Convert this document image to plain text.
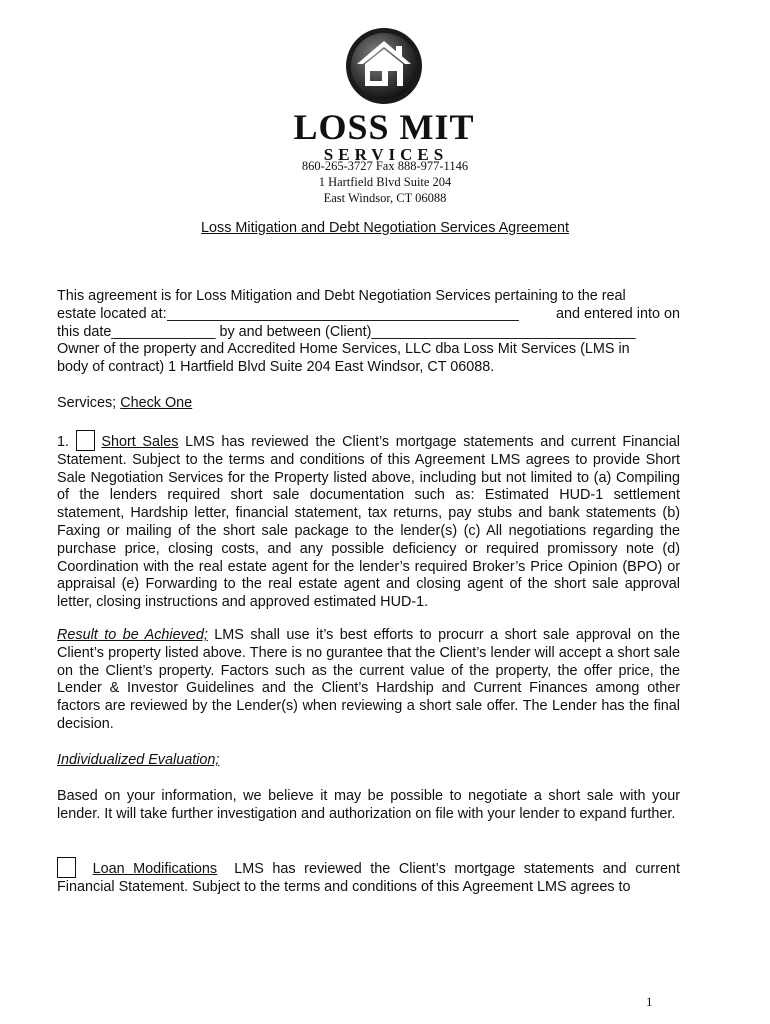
LOSS MIT
SERVICES
860-265-3727 Fax 888-977-1146
1 Hartfield Blvd Suite 204
East Windsor, CT 06088
Loss Mitigation and Debt Negotiation Services Agreement
This agreement is for Loss Mitigation and Debt Negotiation Services pertaining to the real
estate located at: ____________________________________________	and entered into on
this date_____________ by and between (Client)_________________________________
Owner of the property and Accredited Home Services, LLC dba Loss Mit Services (LMS in
body of contract) 1 Hartfield Blvd Suite 204 East Windsor, CT 06088.
Services; Check One
1. Short Sales LMS has reviewed the Client’s mortgage statements and current Financial Statement. Subject to the terms and conditions of this Agreement LMS agrees to provide Short Sale Negotiation Services for the Property listed above, including but not limited to (a) Compiling of the lenders required short sale documentation such as: Estimated HUD-1 settlement statement, Hardship letter, financial statement, tax returns, pay stubs and bank statements (b) Faxing or mailing of the short sale package to the lender(s) (c) All negotiations regarding the purchase price, closing costs, and any possible deficiency or required promissory note (d) Coordination with the real estate agent for the lender’s required Broker’s Price Opinion (BPO) or appraisal (e) Forwarding to the real estate agent and closing agent of the short sale approval letter, closing instructions and approved estimated HUD-1.
Result to be Achieved; LMS shall use it’s best efforts to procurr a short sale approval on the Client’s property listed above. There is no gurantee that the Client’s lender will accept a short sale on the Client’s property. Factors such as the current value of the property, the offer price, the Lender & Investor Guidelines and the Client’s Hardship and Current Finances among other factors are reviewed by the Lender(s) when reviewing a short sale offer. The Lender has the final decision.
Individualized Evaluation;
Based on your information, we believe it may be possible to negotiate a short sale with your lender. It will take further investigation and authorization on file with your lender to expand further.
Loan Modifications LMS has reviewed the Client’s mortgage statements and current Financial Statement. Subject to the terms and conditions of this Agreement LMS agrees to
1
